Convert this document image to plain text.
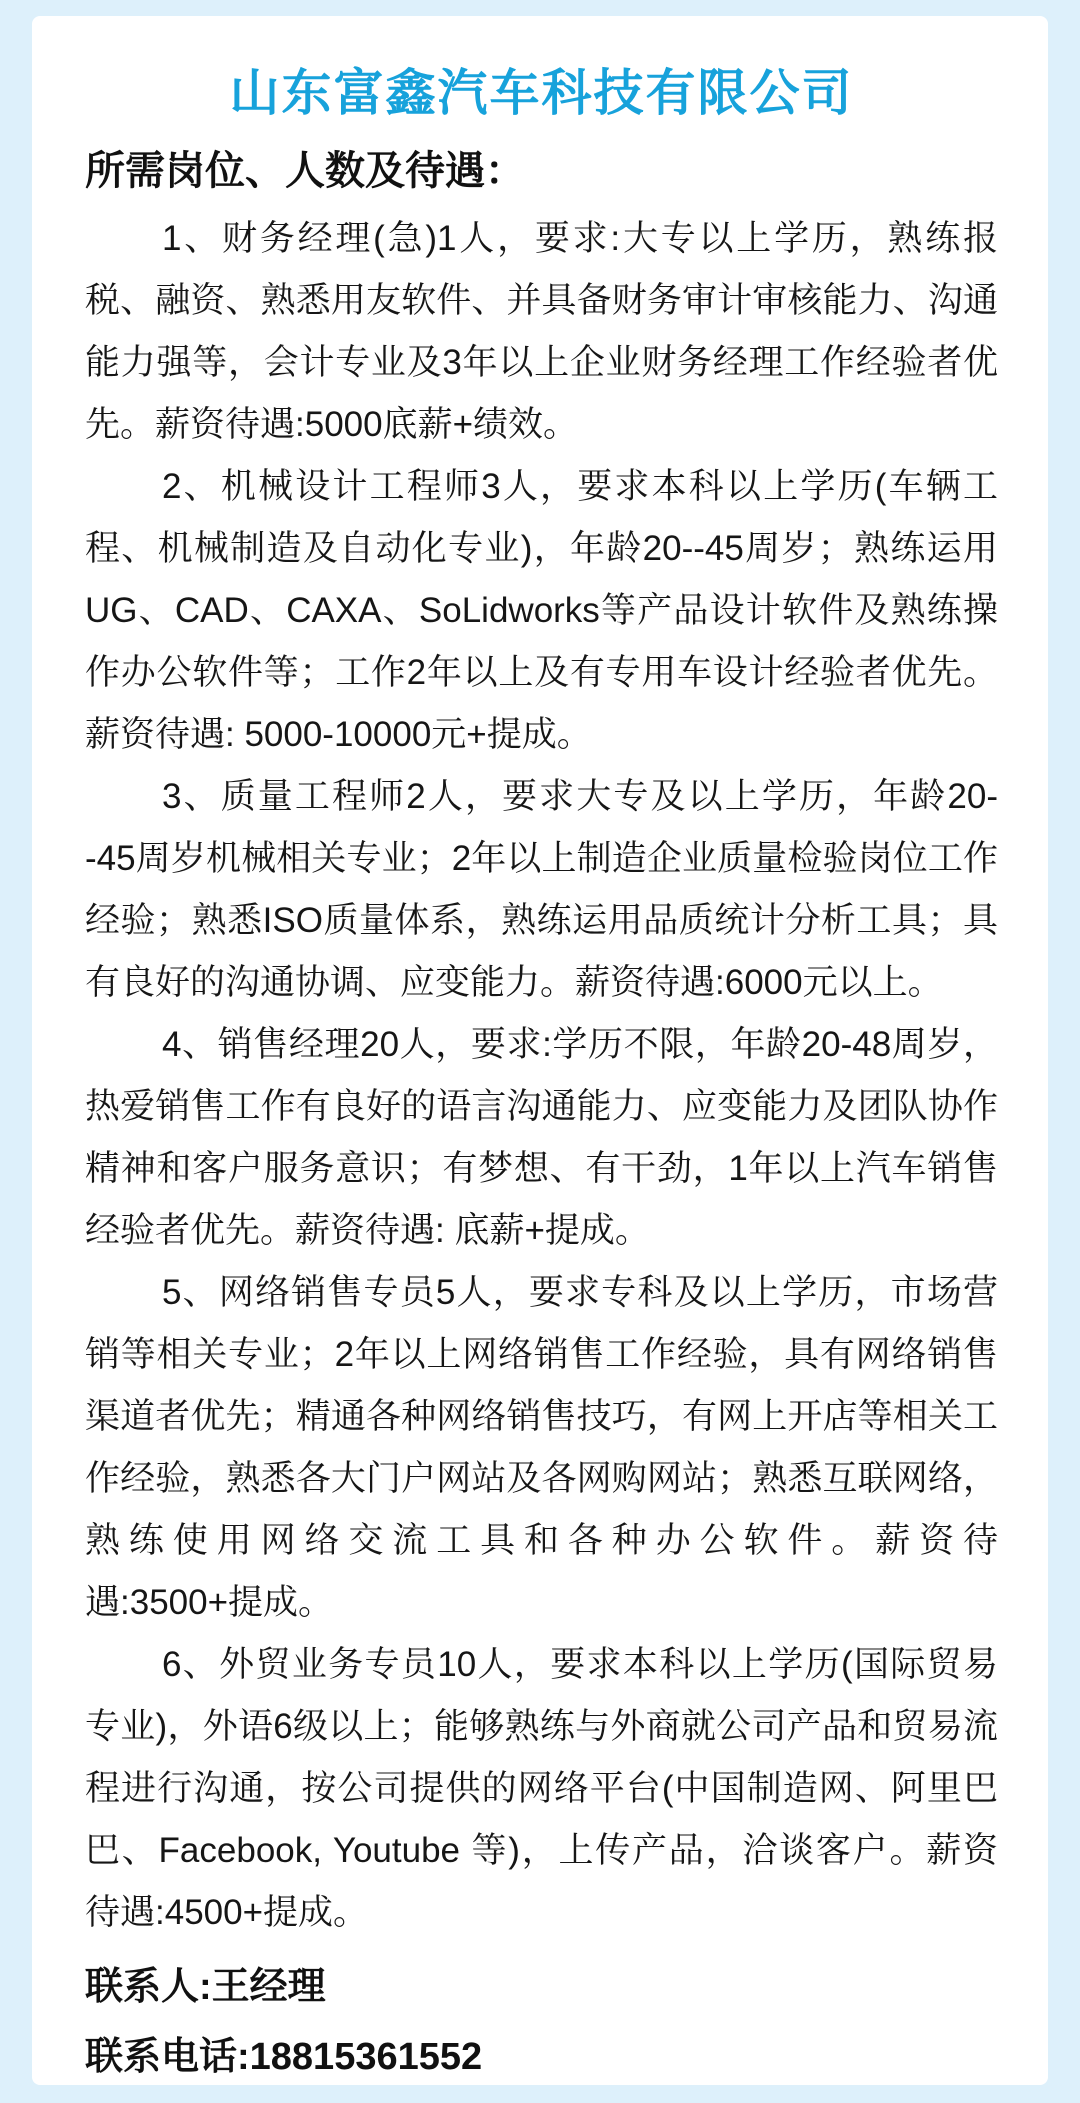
山东富鑫汽车科技有限公司
所需岗位、人数及待遇：

1、财务经理(急)1人，要求:大专以上学历，熟练报税、融资、熟悉用友软件、并具备财务审计审核能力、沟通能力强等，会计专业及3年以上企业财务经理工作经验者优先。薪资待遇:5000底薪+绩效。

2、机械设计工程师3人，要求本科以上学历(车辆工程、机械制造及自动化专业)，年龄20--45周岁；熟练运用UG、CAD、CAXA、SoLidworks等产品设计软件及熟练操作办公软件等；工作2年以上及有专用车设计经验者优先。薪资待遇: 5000-10000元+提成。

3、质量工程师2人，要求大专及以上学历，年龄20--45周岁机械相关专业；2年以上制造企业质量检验岗位工作经验；熟悉ISO质量体系，熟练运用品质统计分析工具；具有良好的沟通协调、应变能力。薪资待遇:6000元以上。

4、销售经理20人，要求:学历不限，年龄20-48周岁，热爱销售工作有良好的语言沟通能力、应变能力及团队协作精神和客户服务意识；有梦想、有干劲，1年以上汽车销售经验者优先。薪资待遇: 底薪+提成。

5、网络销售专员5人，要求专科及以上学历，市场营销等相关专业；2年以上网络销售工作经验，具有网络销售渠道者优先；精通各种网络销售技巧，有网上开店等相关工作经验，熟悉各大门户网站及各网购网站；熟悉互联网络，熟练使用网络交流工具和各种办公软件。薪资待遇:3500+提成。

6、外贸业务专员10人，要求本科以上学历(国际贸易专业)，外语6级以上；能够熟练与外商就公司产品和贸易流程进行沟通，按公司提供的网络平台(中国制造网、阿里巴巴、Facebook, Youtube 等)，上传产品，洽谈客户。薪资待遇:4500+提成。

联系人:王经理

联系电话:18815361552
